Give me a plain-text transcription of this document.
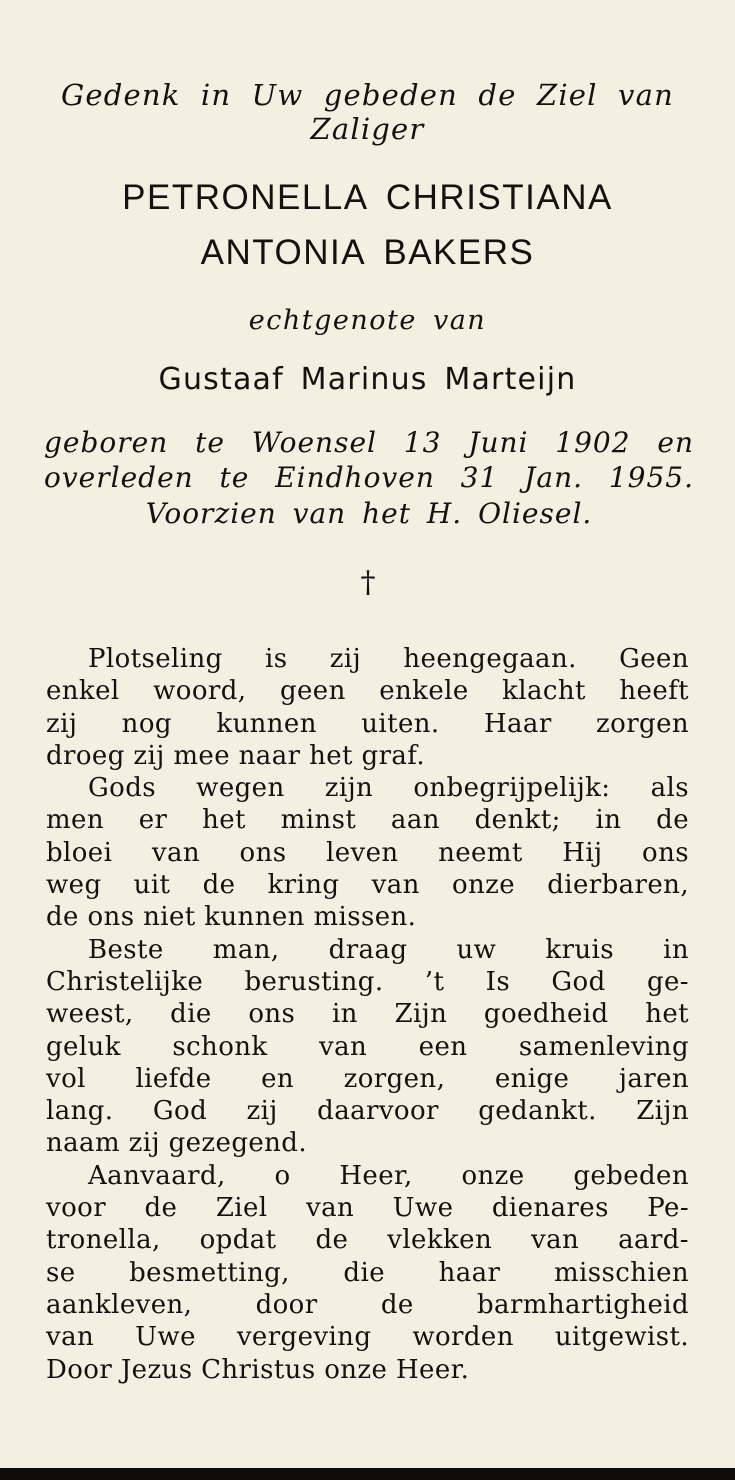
Gedenk in Uw gebeden de Ziel van
Zaliger
PETRONELLA CHRISTIANA
ANTONIA BAKERS
echtgenote van
Gustaaf Marinus Marteijn
geboren te Woensel 13 Juni 1902 en
overleden te Eindhoven 31 Jan. 1955.
Voorzien van het H. Oliesel.
†
Plotseling is zij heengegaan. Geen
enkel woord, geen enkele klacht heeft
zij nog kunnen uiten. Haar zorgen
droeg zij mee naar het graf.
Gods wegen zijn onbegrijpelijk: als
men er het minst aan denkt; in de
bloei van ons leven neemt Hij ons
weg uit de kring van onze dierbaren,
de ons niet kunnen missen.
Beste man, draag uw kruis in
Christelijke berusting. ’t Is God ge-
weest, die ons in Zijn goedheid het
geluk schonk van een samenleving
vol liefde en zorgen, enige jaren
lang. God zij daarvoor gedankt. Zijn
naam zij gezegend.
Aanvaard, o Heer, onze gebeden
voor de Ziel van Uwe dienares Pe-
tronella, opdat de vlekken van aard-
se besmetting, die haar misschien
aankleven, door de barmhartigheid
van Uwe vergeving worden uitgewist.
Door Jezus Christus onze Heer.
